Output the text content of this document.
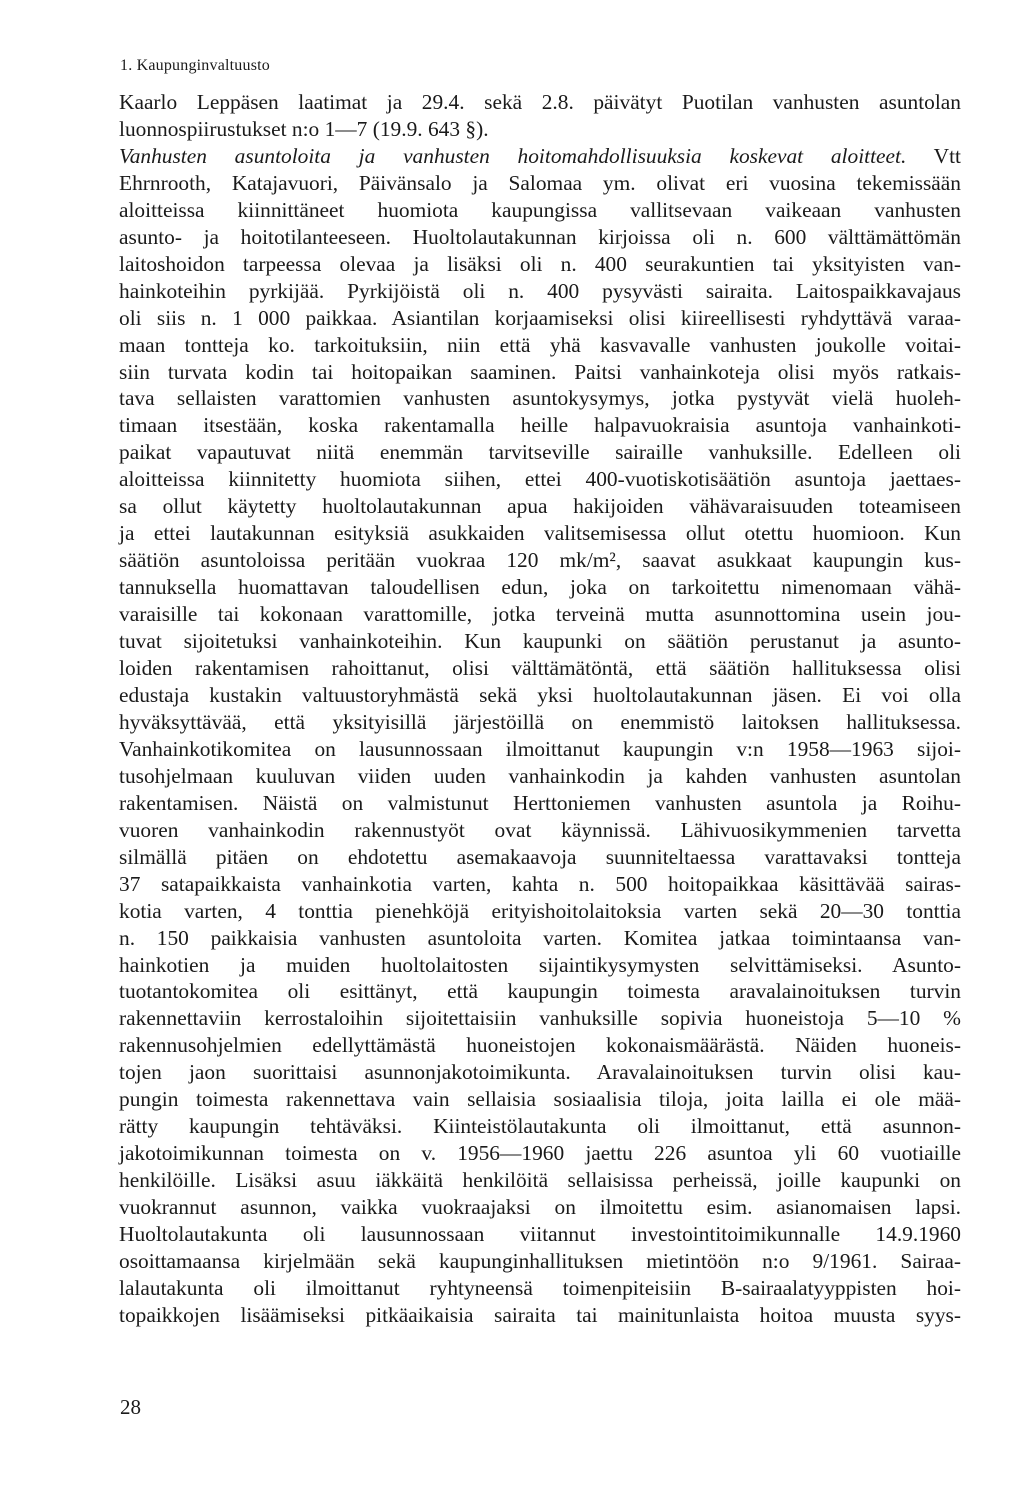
1. Kaupunginvaltuusto
Kaarlo Leppäsen laatimat ja 29.4. sekä 2.8. päivätyt Puotilan vanhusten asuntolan
luonnospiirustukset n:o 1—7 (19.9. 643 §).
Vanhusten asuntoloita ja vanhusten hoitomahdollisuuksia koskevat aloitteet. Vtt
Ehrnrooth, Katajavuori, Päivänsalo ja Salomaa ym. olivat eri vuosina tekemissään
aloitteissa kiinnittäneet huomiota kaupungissa vallitsevaan vaikeaan vanhusten
asunto- ja hoitotilanteeseen. Huoltolautakunnan kirjoissa oli n. 600 välttämättömän
laitoshoidon tarpeessa olevaa ja lisäksi oli n. 400 seurakuntien tai yksityisten van-
hainkoteihin pyrkijää. Pyrkijöistä oli n. 400 pysyvästi sairaita. Laitospaikkavajaus
oli siis n. 1 000 paikkaa. Asiantilan korjaamiseksi olisi kiireellisesti ryhdyttävä varaa-
maan tontteja ko. tarkoituksiin, niin että yhä kasvavalle vanhusten joukolle voitai-
siin turvata kodin tai hoitopaikan saaminen. Paitsi vanhainkoteja olisi myös ratkais-
tava sellaisten varattomien vanhusten asuntokysymys, jotka pystyvät vielä huoleh-
timaan itsestään, koska rakentamalla heille halpavuokraisia asuntoja vanhainkoti-
paikat vapautuvat niitä enemmän tarvitseville sairaille vanhuksille. Edelleen oli
aloitteissa kiinnitetty huomiota siihen, ettei 400-vuotiskotisäätiön asuntoja jaettaes-
sa ollut käytetty huoltolautakunnan apua hakijoiden vähävaraisuuden toteamiseen
ja ettei lautakunnan esityksiä asukkaiden valitsemisessa ollut otettu huomioon. Kun
säätiön asuntoloissa peritään vuokraa 120 mk/m², saavat asukkaat kaupungin kus-
tannuksella huomattavan taloudellisen edun, joka on tarkoitettu nimenomaan vähä-
varaisille tai kokonaan varattomille, jotka terveinä mutta asunnottomina usein jou-
tuvat sijoitetuksi vanhainkoteihin. Kun kaupunki on säätiön perustanut ja asunto-
loiden rakentamisen rahoittanut, olisi välttämätöntä, että säätiön hallituksessa olisi
edustaja kustakin valtuustoryhmästä sekä yksi huoltolautakunnan jäsen. Ei voi olla
hyväksyttävää, että yksityisillä järjestöillä on enemmistö laitoksen hallituksessa.
Vanhainkotikomitea on lausunnossaan ilmoittanut kaupungin v:n 1958—1963 sijoi-
tusohjelmaan kuuluvan viiden uuden vanhainkodin ja kahden vanhusten asuntolan
rakentamisen. Näistä on valmistunut Herttoniemen vanhusten asuntola ja Roihu-
vuoren vanhainkodin rakennustyöt ovat käynnissä. Lähivuosikymmenien tarvetta
silmällä pitäen on ehdotettu asemakaavoja suunniteltaessa varattavaksi tontteja
37 satapaikkaista vanhainkotia varten, kahta n. 500 hoitopaikkaa käsittävää sairas-
kotia varten, 4 tonttia pienehköjä erityishoitolaitoksia varten sekä 20—30 tonttia
n. 150 paikkaisia vanhusten asuntoloita varten. Komitea jatkaa toimintaansa van-
hainkotien ja muiden huoltolaitosten sijaintikysymysten selvittämiseksi. Asunto-
tuotantokomitea oli esittänyt, että kaupungin toimesta aravalainoituksen turvin
rakennettaviin kerrostaloihin sijoitettaisiin vanhuksille sopivia huoneistoja 5—10 %
rakennusohjelmien edellyttämästä huoneistojen kokonaismäärästä. Näiden huoneis-
tojen jaon suorittaisi asunnonjakotoimikunta. Aravalainoituksen turvin olisi kau-
pungin toimesta rakennettava vain sellaisia sosiaalisia tiloja, joita lailla ei ole mää-
rätty kaupungin tehtäväksi. Kiinteistölautakunta oli ilmoittanut, että asunnon-
jakotoimikunnan toimesta on v. 1956—1960 jaettu 226 asuntoa yli 60 vuotiaille
henkilöille. Lisäksi asuu iäkkäitä henkilöitä sellaisissa perheissä, joille kaupunki on
vuokrannut asunnon, vaikka vuokraajaksi on ilmoitettu esim. asianomaisen lapsi.
Huoltolautakunta oli lausunnossaan viitannut investointitoimikunnalle 14.9.1960
osoittamaansa kirjelmään sekä kaupunginhallituksen mietintöön n:o 9/1961. Sairaa-
lalautakunta oli ilmoittanut ryhtyneensä toimenpiteisiin B-sairaalatyyppisten hoi-
topaikkojen lisäämiseksi pitkäaikaisia sairaita tai mainitunlaista hoitoa muusta syys-
28
